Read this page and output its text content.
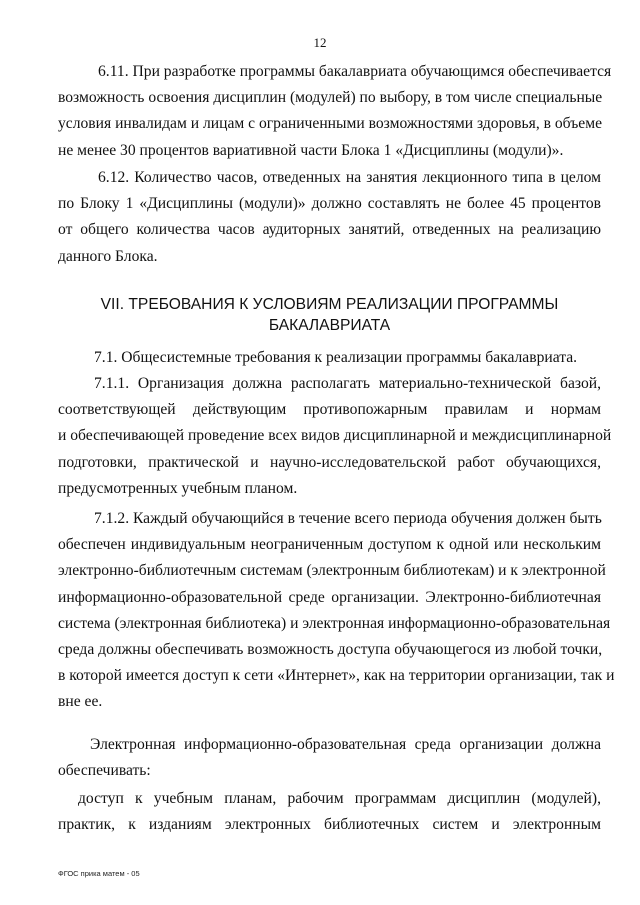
12
6.11. При разработке программы бакалавриата обучающимся обеспечивается
возможность освоения дисциплин (модулей) по выбору, в том числе специальные
условия инвалидам и лицам с ограниченными возможностями здоровья, в объеме
не менее 30 процентов вариативной части Блока 1 «Дисциплины (модули)».
6.12. Количество часов, отведенных на занятия лекционного типа в целом
по Блоку 1 «Дисциплины (модули)» должно составлять не более 45 процентов
от общего количества часов аудиторных занятий, отведенных на реализацию
данного Блока.
VII. ТРЕБОВАНИЯ К УСЛОВИЯМ РЕАЛИЗАЦИИ ПРОГРАММЫ
БАКАЛАВРИАТА
7.1. Общесистемные требования к реализации программы бакалавриата.
7.1.1. Организация должна располагать материально-технической базой,
соответствующей действующим противопожарным правилам и нормам
и обеспечивающей проведение всех видов дисциплинарной и междисциплинарной
подготовки, практической и научно-исследовательской работ обучающихся,
предусмотренных учебным планом.
7.1.2. Каждый обучающийся в течение всего периода обучения должен быть
обеспечен индивидуальным неограниченным доступом к одной или нескольким
электронно-библиотечным системам (электронным библиотекам) и к электронной
информационно-образовательной среде организации. Электронно-библиотечная
система (электронная библиотека) и электронная информационно-образовательная
среда должны обеспечивать возможность доступа обучающегося из любой точки,
в которой имеется доступ к сети «Интернет», как на территории организации, так и
вне ее.
Электронная информационно-образовательная среда организации должна
обеспечивать:
доступ к учебным планам, рабочим программам дисциплин (модулей),
практик, к изданиям электронных библиотечных систем и электронным
ФГОС прика матем - 05
